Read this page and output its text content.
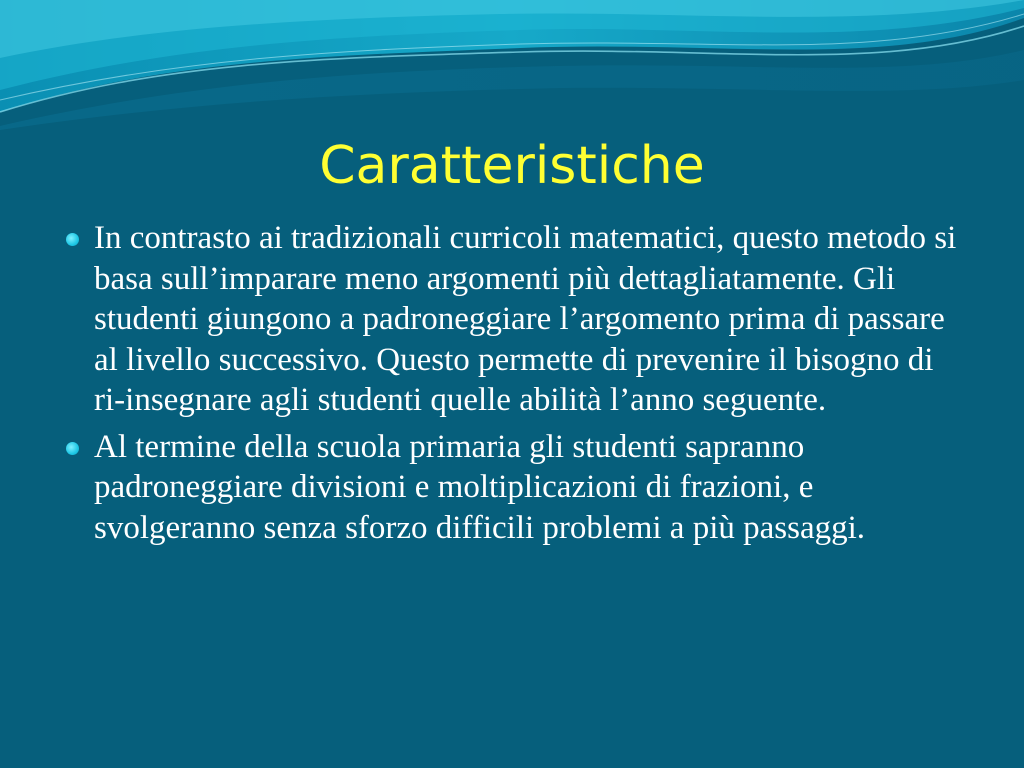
Caratteristiche
In contrasto ai tradizionali curricoli matematici, questo metodo si basa sull’imparare meno argomenti più dettagliatamente. Gli studenti giungono a padroneggiare l’argomento prima di passare al livello successivo. Questo permette di prevenire il bisogno di ri-insegnare agli studenti quelle abilità l’anno seguente.
Al termine della scuola primaria gli studenti sapranno padroneggiare divisioni e moltiplicazioni di frazioni, e svolgeranno senza sforzo difficili problemi a più passaggi.
